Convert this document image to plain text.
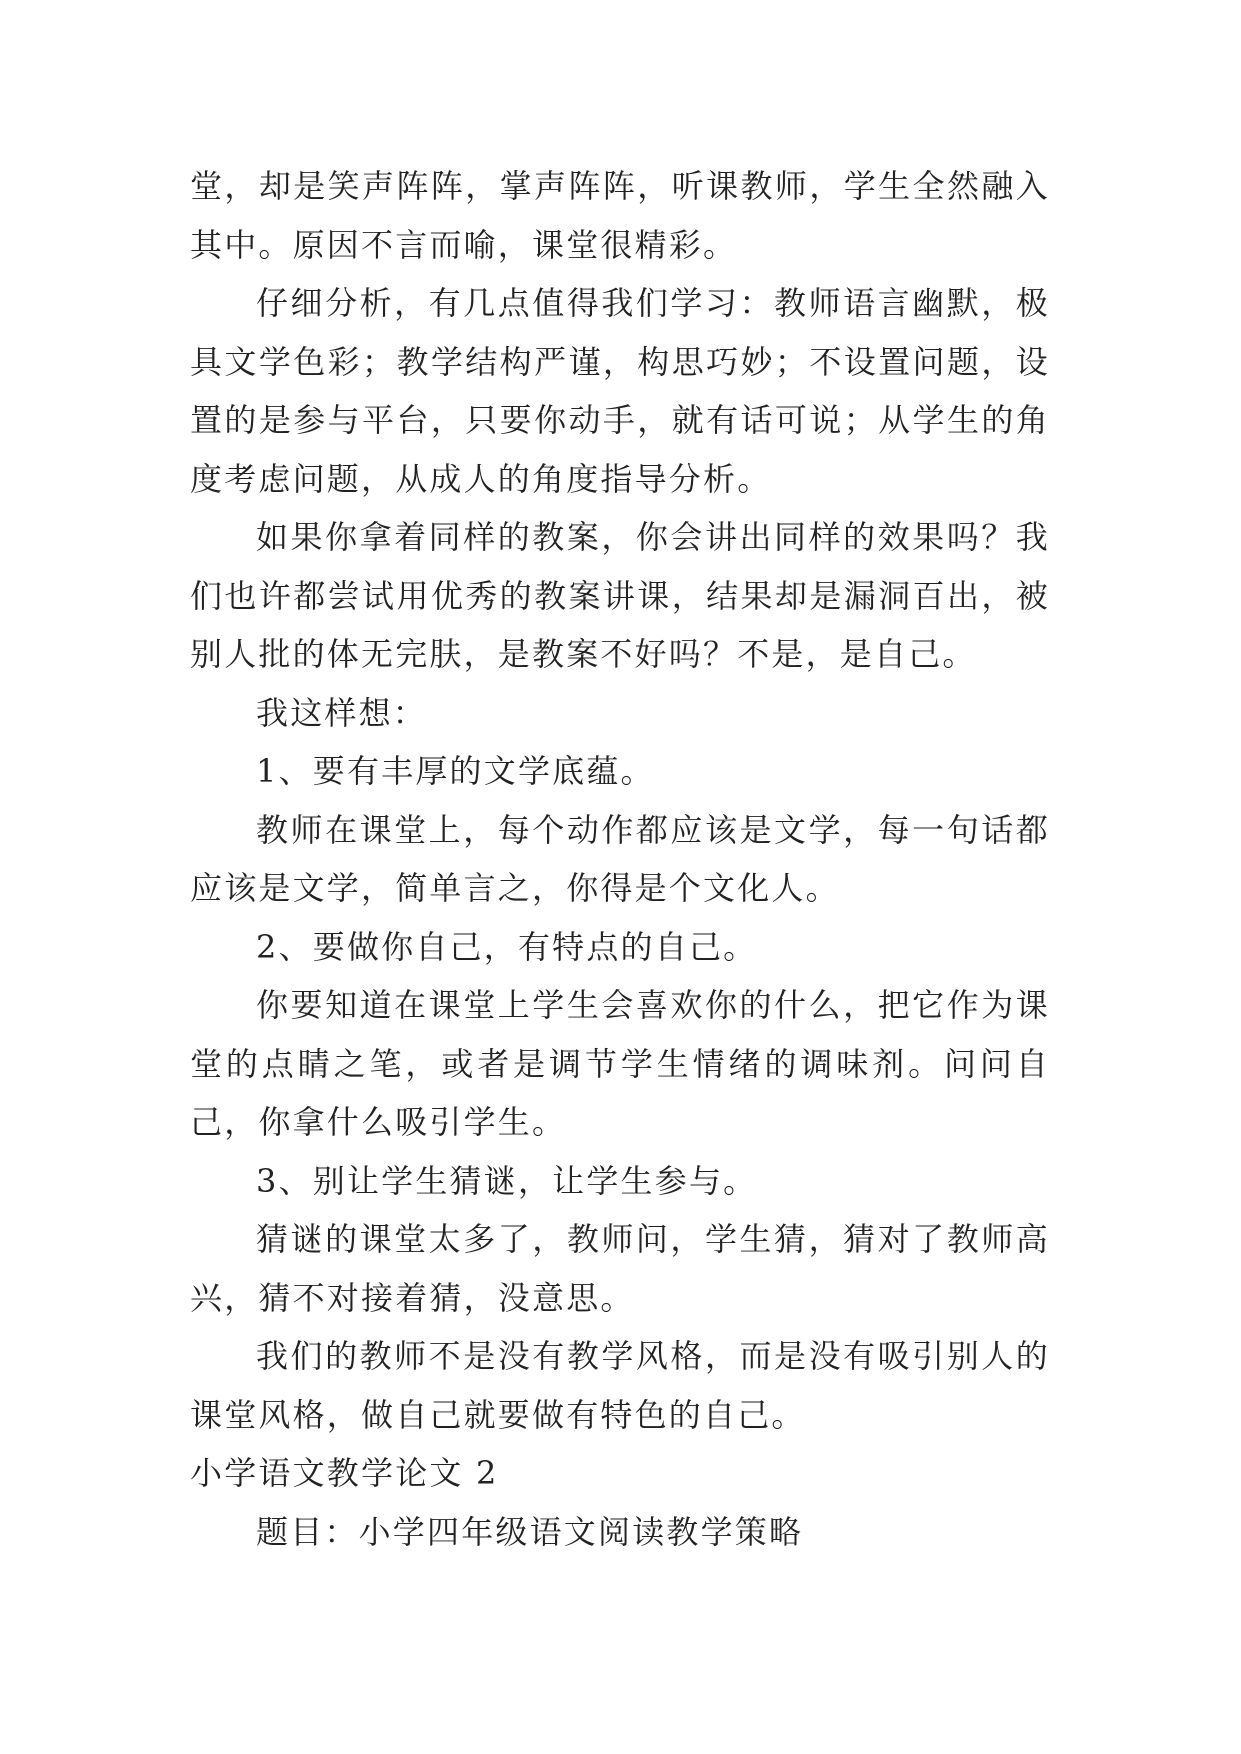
堂，却是笑声阵阵，掌声阵阵，听课教师，学生全然融入其中。原因不言而喻，课堂很精彩。

仔细分析，有几点值得我们学习：教师语言幽默，极具文学色彩；教学结构严谨，构思巧妙；不设置问题，设置的是参与平台，只要你动手，就有话可说；从学生的角度考虑问题，从成人的角度指导分析。

如果你拿着同样的教案，你会讲出同样的效果吗？我们也许都尝试用优秀的教案讲课，结果却是漏洞百出，被别人批的体无完肤，是教案不好吗？不是，是自己。

我这样想：

1、要有丰厚的文学底蕴。

教师在课堂上，每个动作都应该是文学，每一句话都应该是文学，简单言之，你得是个文化人。

2、要做你自己，有特点的自己。

你要知道在课堂上学生会喜欢你的什么，把它作为课堂的点睛之笔，或者是调节学生情绪的调味剂。问问自己，你拿什么吸引学生。

3、别让学生猜谜，让学生参与。

猜谜的课堂太多了，教师问，学生猜，猜对了教师高兴，猜不对接着猜，没意思。

我们的教师不是没有教学风格，而是没有吸引别人的课堂风格，做自己就要做有特色的自己。

小学语文教学论文 2

题目：小学四年级语文阅读教学策略
